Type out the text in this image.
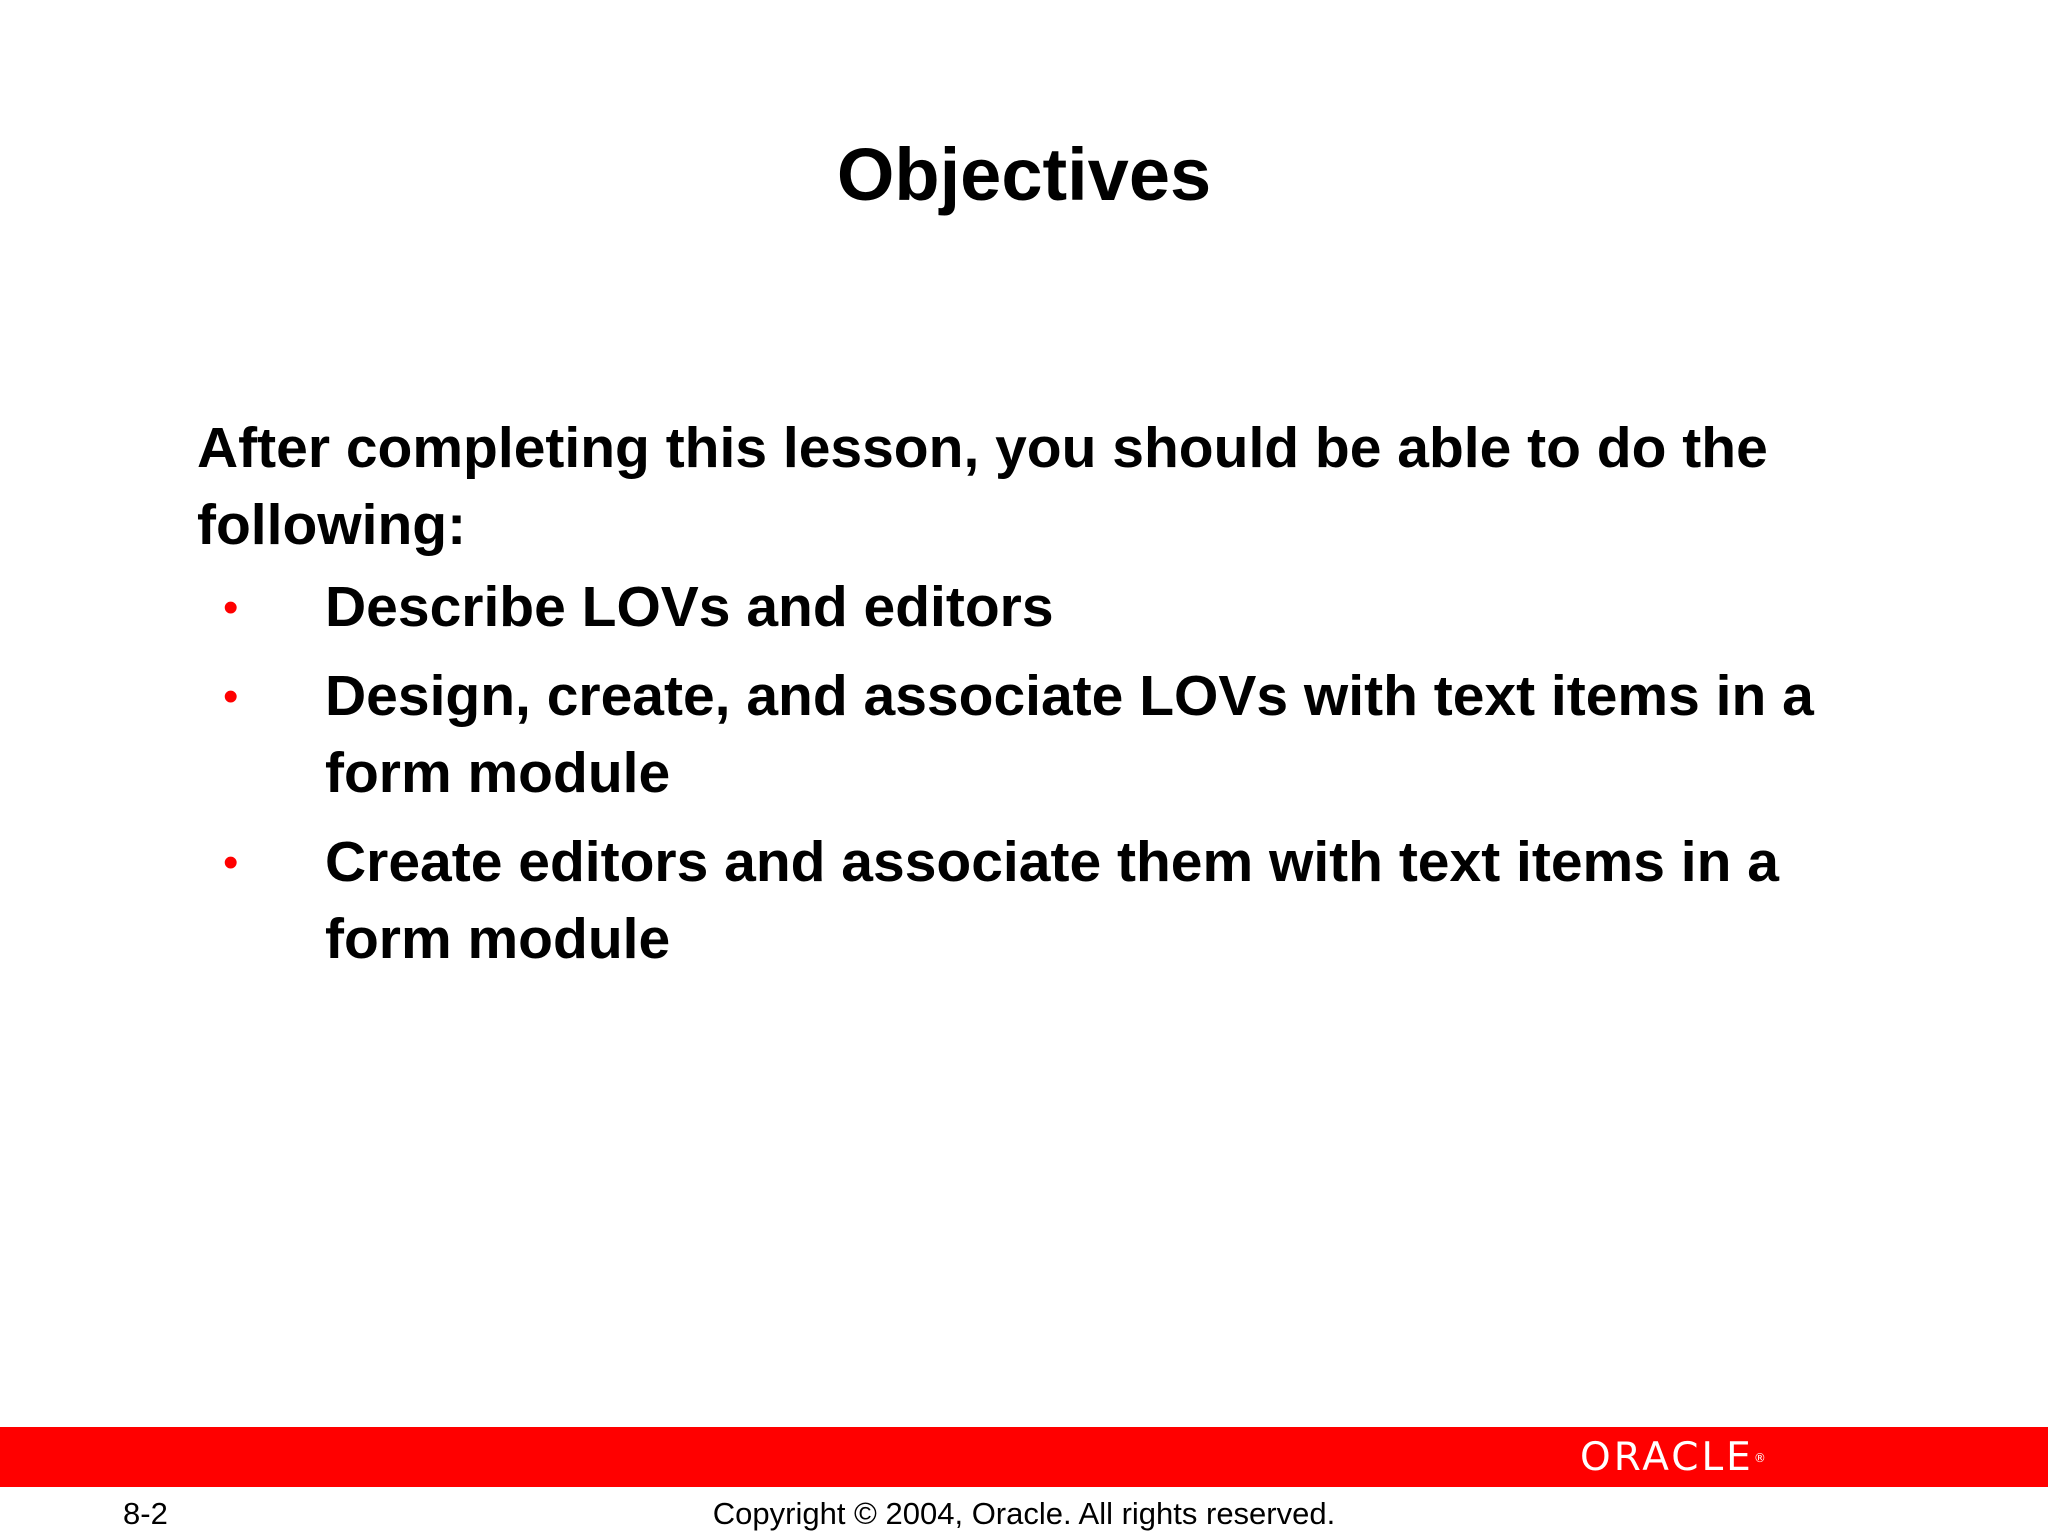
Objectives

After completing this lesson, you should be able to do the following:

• Describe LOVs and editors
• Design, create, and associate LOVs with text items in a form module
• Create editors and associate them with text items in a form module
ORACLE®
8-2	Copyright © 2004, Oracle. All rights reserved.
